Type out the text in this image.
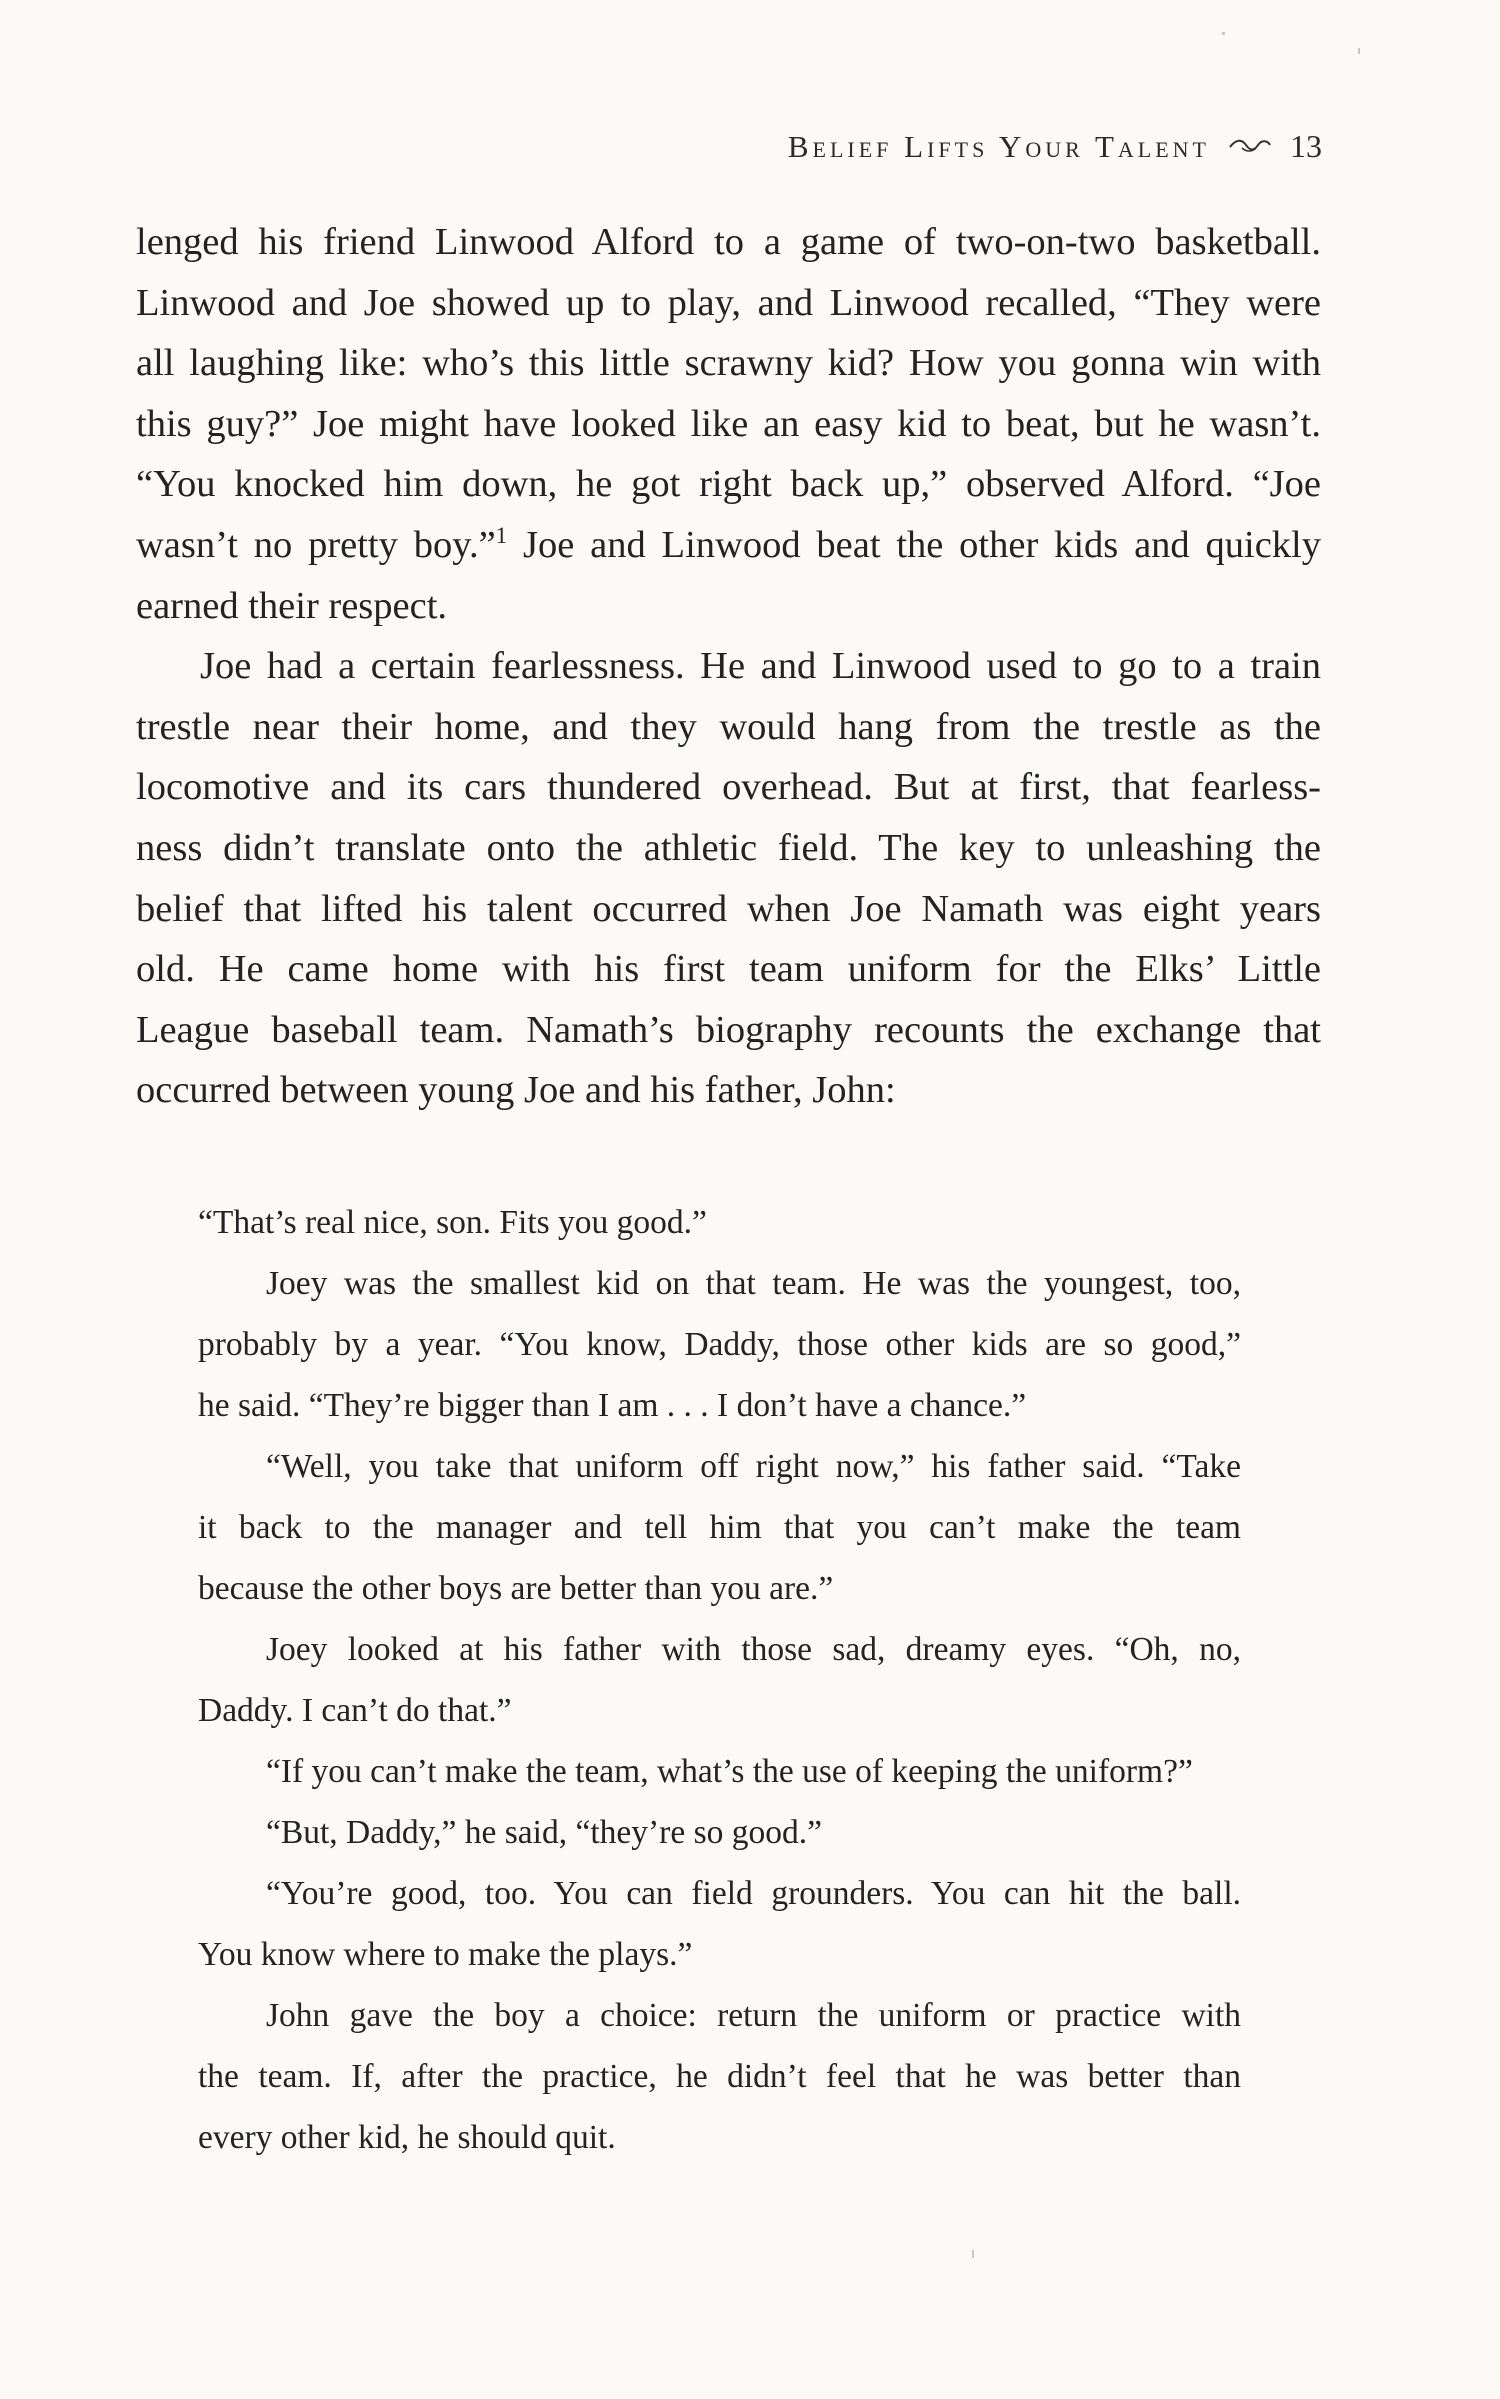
Belief Lifts Your Talent	13
lenged his friend Linwood Alford to a game of two-on-two basketball.
Linwood and Joe showed up to play, and Linwood recalled, “They were
all laughing like: who’s this little scrawny kid? How you gonna win with
this guy?” Joe might have looked like an easy kid to beat, but he wasn’t.
“You knocked him down, he got right back up,” observed Alford. “Joe
wasn’t no pretty boy.”$^1$ Joe and Linwood beat the other kids and quickly
earned their respect.
Joe had a certain fearlessness. He and Linwood used to go to a train
trestle near their home, and they would hang from the trestle as the
locomotive and its cars thundered overhead. But at first, that fearless-
ness didn’t translate onto the athletic field. The key to unleashing the
belief that lifted his talent occurred when Joe Namath was eight years
old. He came home with his first team uniform for the Elks’ Little
League baseball team. Namath’s biography recounts the exchange that
occurred between young Joe and his father, John:
“That’s real nice, son. Fits you good.”
Joey was the smallest kid on that team. He was the youngest, too,
probably by a year. “You know, Daddy, those other kids are so good,”
he said. “They’re bigger than I am . . . I don’t have a chance.”
“Well, you take that uniform off right now,” his father said. “Take
it back to the manager and tell him that you can’t make the team
because the other boys are better than you are.”
Joey looked at his father with those sad, dreamy eyes. “Oh, no,
Daddy. I can’t do that.”
“If you can’t make the team, what’s the use of keeping the uniform?”
“But, Daddy,” he said, “they’re so good.”
“You’re good, too. You can field grounders. You can hit the ball.
You know where to make the plays.”
John gave the boy a choice: return the uniform or practice with
the team. If, after the practice, he didn’t feel that he was better than
every other kid, he should quit.
